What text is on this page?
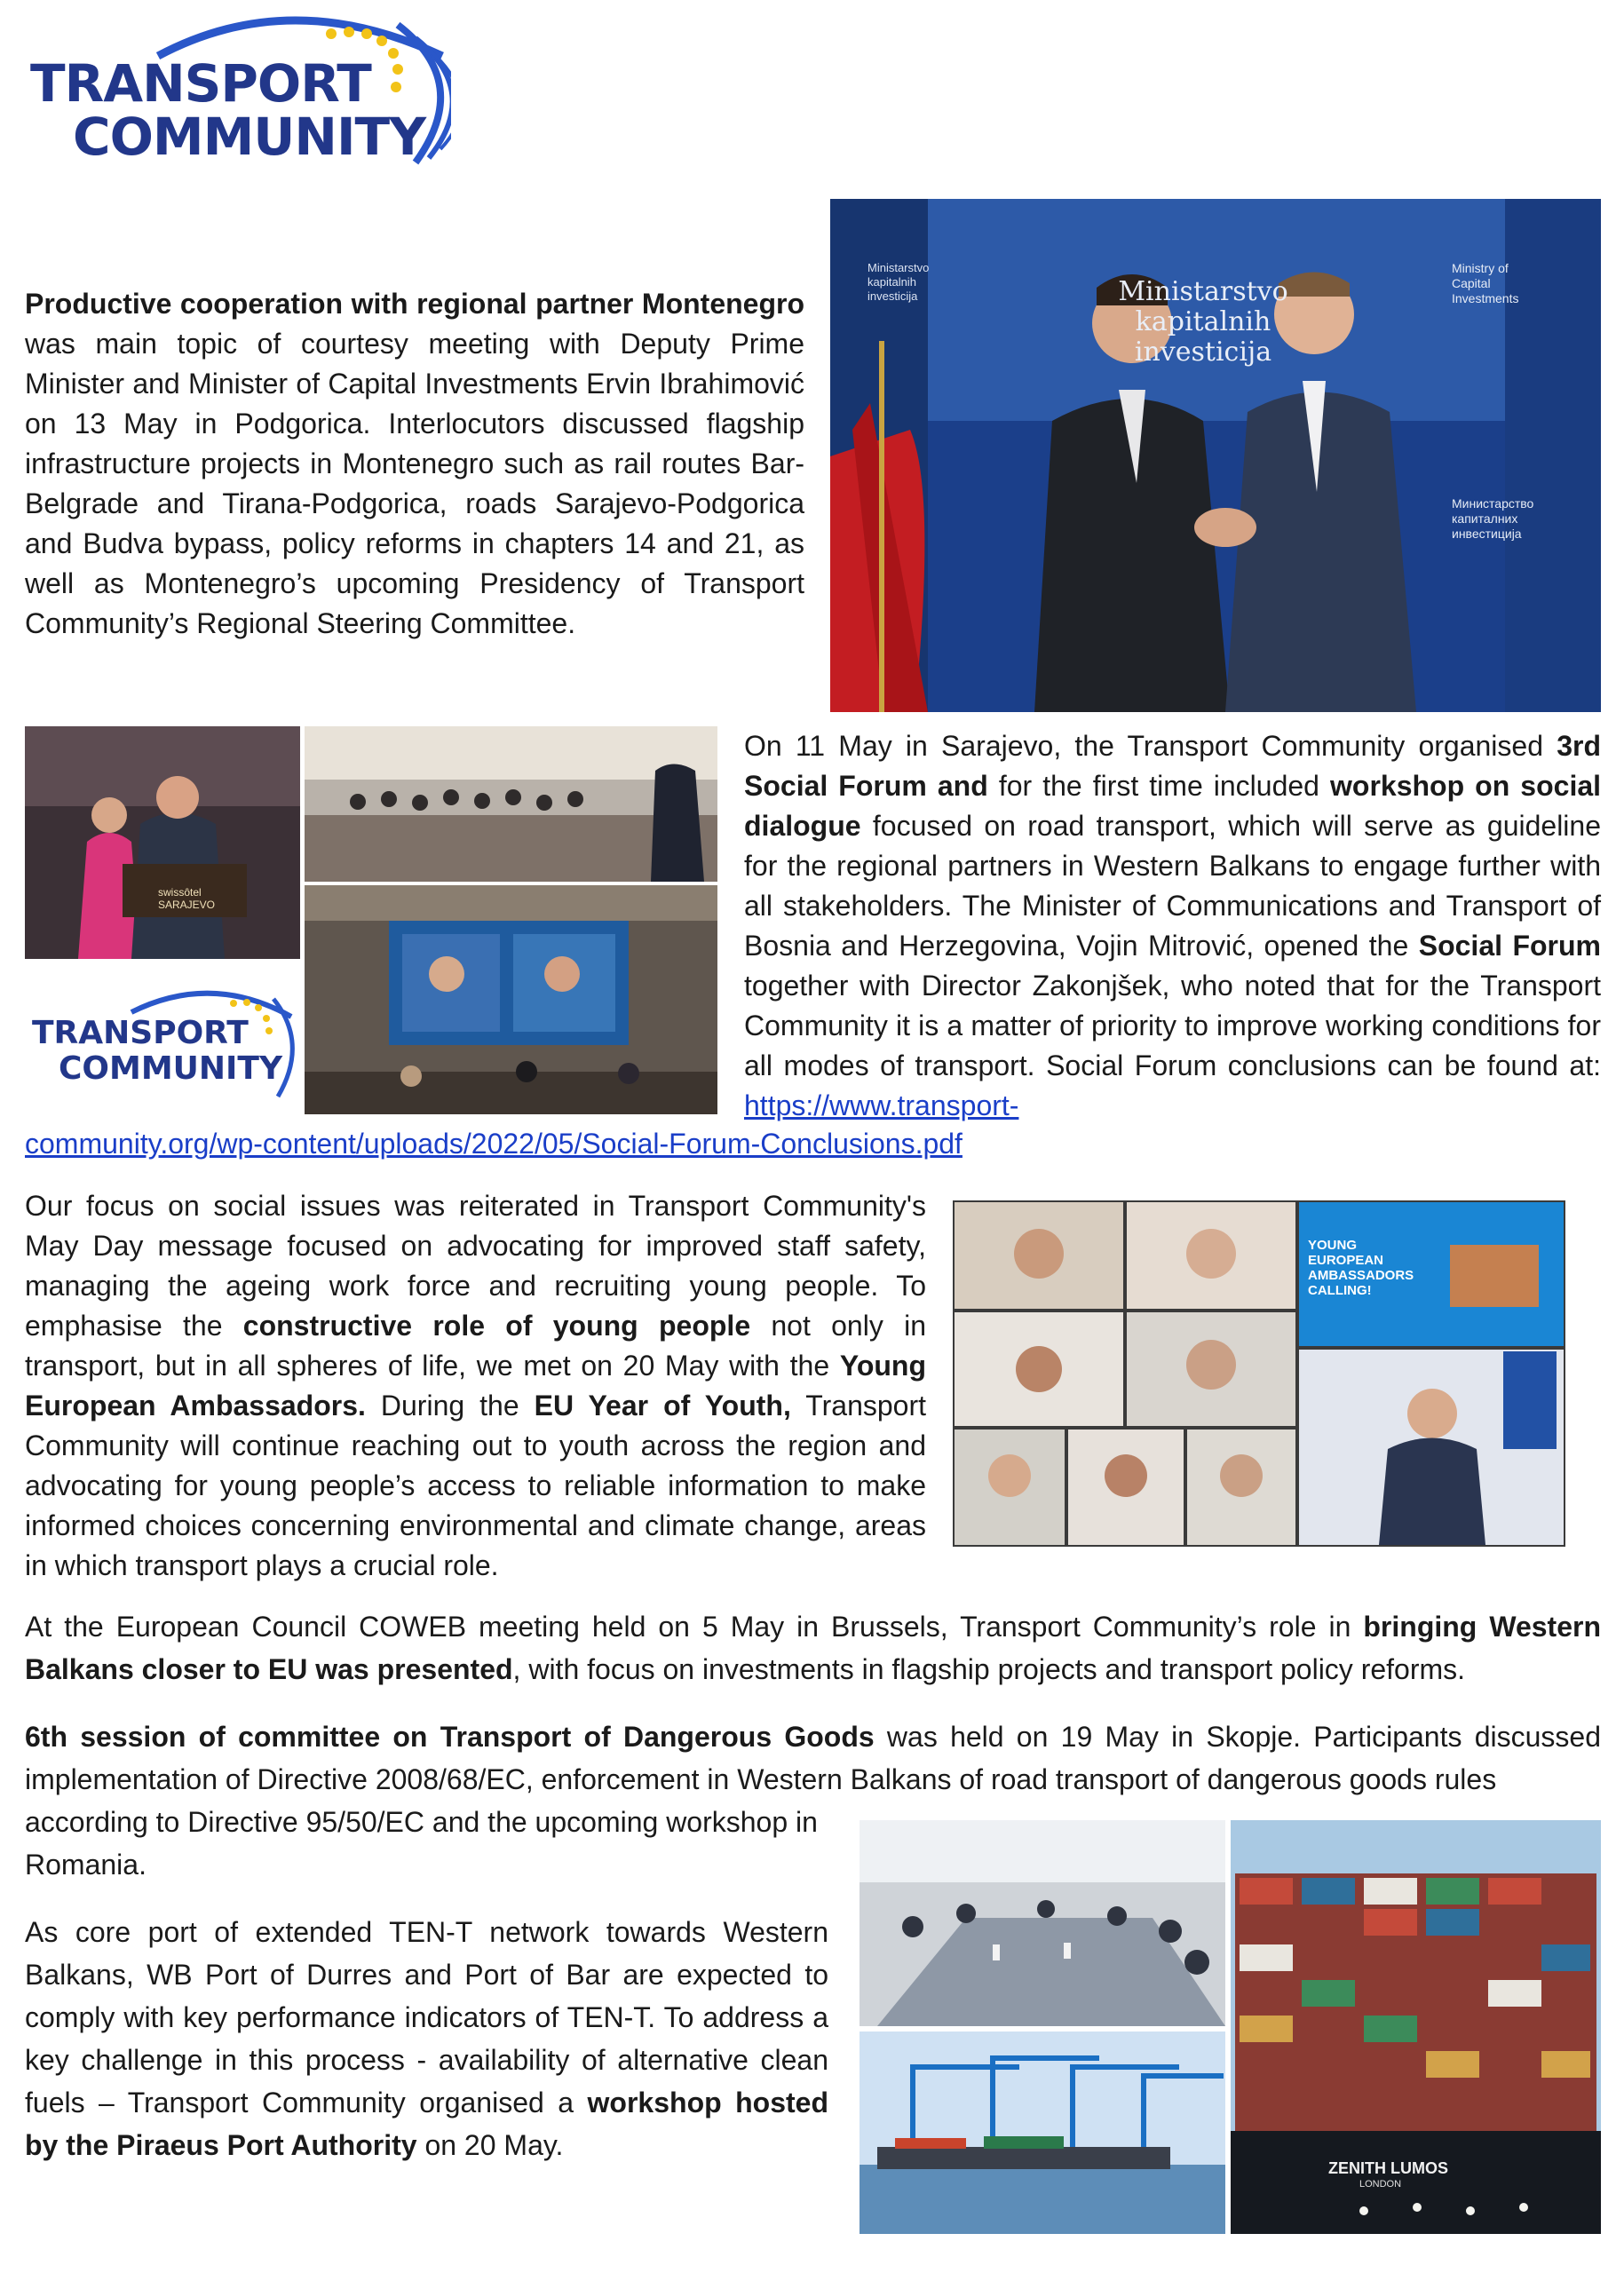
TRANSPORT
COMMUNITY

Productive cooperation with regional partner Montenegro was main topic of courtesy meeting with Deputy Prime Minister and Minister of Capital Investments Ervin Ibrahimović on 13 May in Podgorica. Interlocutors discussed flagship infrastructure projects in Montenegro such as rail routes Bar-Belgrade and Tirana-Podgorica, roads Sarajevo-Podgorica and Budva bypass, policy reforms in chapters 14 and 21, as well as Montenegro’s upcoming Presidency of Transport Community’s Regional Steering Committee.

Ministarstvo kapitalnih investicija
Ministarstvo kapitalnih investicija
Ministry of Capital Investments
Министарство капиталних инвестиција
swissôtel SARAJEVO
TRANSPORT
COMMUNITY

On 11 May in Sarajevo, the Transport Community organised 3rd Social Forum and for the first time included workshop on social dialogue focused on road transport, which will serve as guideline for the regional partners in Western Balkans to engage further with all stakeholders. The Minister of Communications and Transport of Bosnia and Herzegovina, Vojin Mitrović, opened the Social Forum together with Director Zakonjšek, who noted that for the Transport Community it is a matter of priority to improve working conditions for all modes of transport. Social Forum conclusions can be found at: https://www.transport-

community.org/wp-content/uploads/2022/05/Social-Forum-Conclusions.pdf

Our focus on social issues was reiterated in Transport Community's May Day message focused on advocating for improved staff safety, managing the ageing work force and recruiting young people. To emphasise the constructive role of young people not only in transport, but in all spheres of life, we met on 20 May with the Young European Ambassadors. During the EU Year of Youth, Transport Community will continue reaching out to youth across the region and advocating for young people’s access to reliable information to make informed choices concerning environmental and climate change, areas in which transport plays a crucial role.

YOUNG
EUROPEAN
AMBASSADORS
CALLING!

At the European Council COWEB meeting held on 5 May in Brussels, Transport Community’s role in bringing Western Balkans closer to EU was presented, with focus on investments in flagship projects and transport policy reforms.

6th session of committee on Transport of Dangerous Goods was held on 19 May in Skopje. Participants discussed implementation of Directive 2008/68/EC, enforcement in Western Balkans of road transport of dangerous goods rules

according to Directive 95/50/EC and the upcoming workshop in Romania.

As core port of extended TEN-T network towards Western Balkans, WB Port of Durres and Port of Bar are expected to comply with key performance indicators of TEN-T. To address a key challenge in this process - availability of alternative clean fuels – Transport Community organised a workshop hosted by the Piraeus Port Authority on 20 May.

ZENITH LUMOS
LONDON
